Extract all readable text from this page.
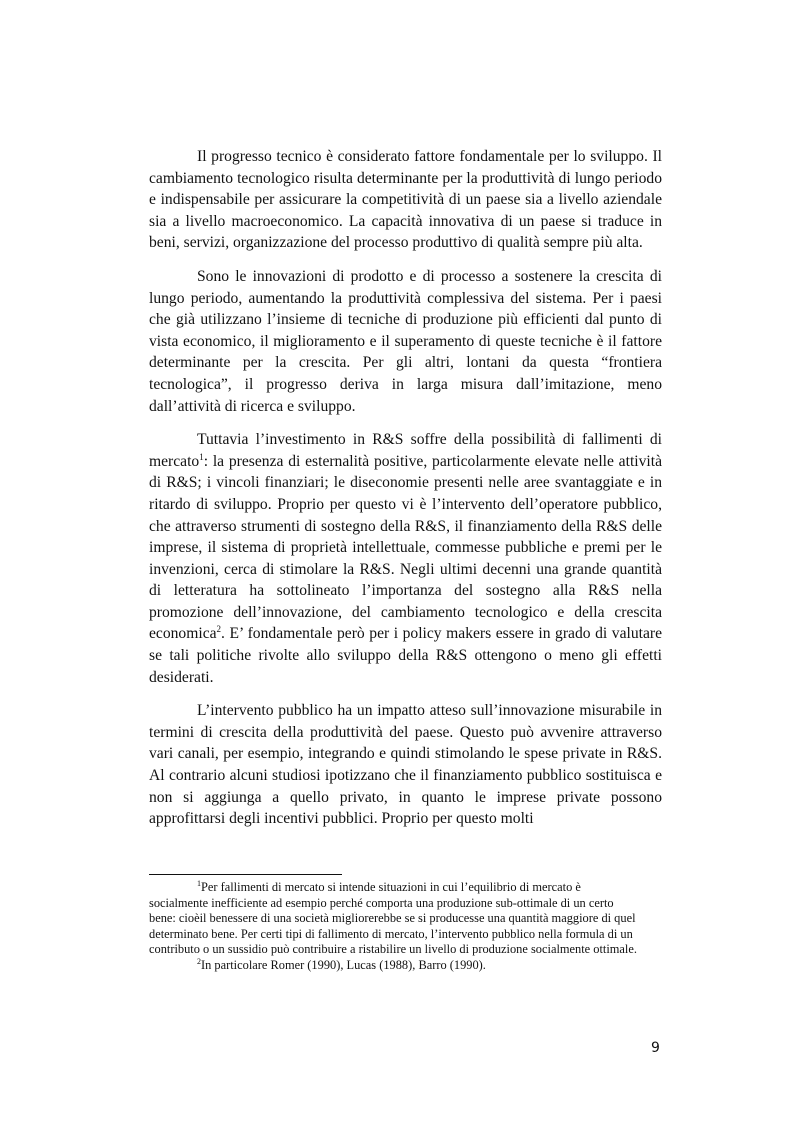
Il progresso tecnico è considerato fattore fondamentale per lo sviluppo. Il cambiamento tecnologico risulta determinante per la produttività di lungo periodo e indispensabile per assicurare la competitività di un paese sia a livello aziendale sia a livello macroeconomico. La capacità innovativa di un paese si traduce in beni, servizi, organizzazione del processo produttivo di qualità sempre più alta.

Sono le innovazioni di prodotto e di processo a sostenere la crescita di lungo periodo, aumentando la produttività complessiva del sistema. Per i paesi che già utilizzano l’insieme di tecniche di produzione più efficienti dal punto di vista economico, il miglioramento e il superamento di queste tecniche è il fattore determinante per la crescita. Per gli altri, lontani da questa “frontiera tecnologica”, il progresso deriva in larga misura dall’imitazione, meno dall’attività di ricerca e sviluppo.

Tuttavia l’investimento in R&S soffre della possibilità di fallimenti di mercato$^1$: la presenza di esternalità positive, particolarmente elevate nelle attività di R&S; i vincoli finanziari; le diseconomie presenti nelle aree svantaggiate e in ritardo di sviluppo. Proprio per questo vi è l’intervento dell’operatore pubblico, che attraverso strumenti di sostegno della R&S, il finanziamento della R&S delle imprese, il sistema di proprietà intellettuale, commesse pubbliche e premi per le invenzioni, cerca di stimolare la R&S. Negli ultimi decenni una grande quantità di letteratura ha sottolineato l’importanza del sostegno alla R&S nella promozione dell’innovazione, del cambiamento tecnologico e della crescita economica$^2$. E’ fondamentale però per i policy makers essere in grado di valutare se tali politiche rivolte allo sviluppo della R&S ottengono o meno gli effetti desiderati.

L’intervento pubblico ha un impatto atteso sull’innovazione misurabile in termini di crescita della produttività del paese. Questo può avvenire attraverso vari canali, per esempio, integrando e quindi stimolando le spese private in R&S. Al contrario alcuni studiosi ipotizzano che il finanziamento pubblico sostituisca e non si aggiunga a quello privato, in quanto le imprese private possono approfittarsi degli incentivi pubblici. Proprio per questo molti

$^1$Per fallimenti di mercato si intende situazioni in cui l’equilibrio di mercato è socialmente inefficiente ad esempio perché comporta una produzione sub-ottimale di un certo bene: cioèil benessere di una società migliorerebbe se si producesse una quantità maggiore di quel determinato bene. Per certi tipi di fallimento di mercato, l’intervento pubblico nella formula di un contributo o un sussidio può contribuire a ristabilire un livello di produzione socialmente ottimale.

$^2$In particolare Romer (1990), Lucas (1988), Barro (1990).

9
